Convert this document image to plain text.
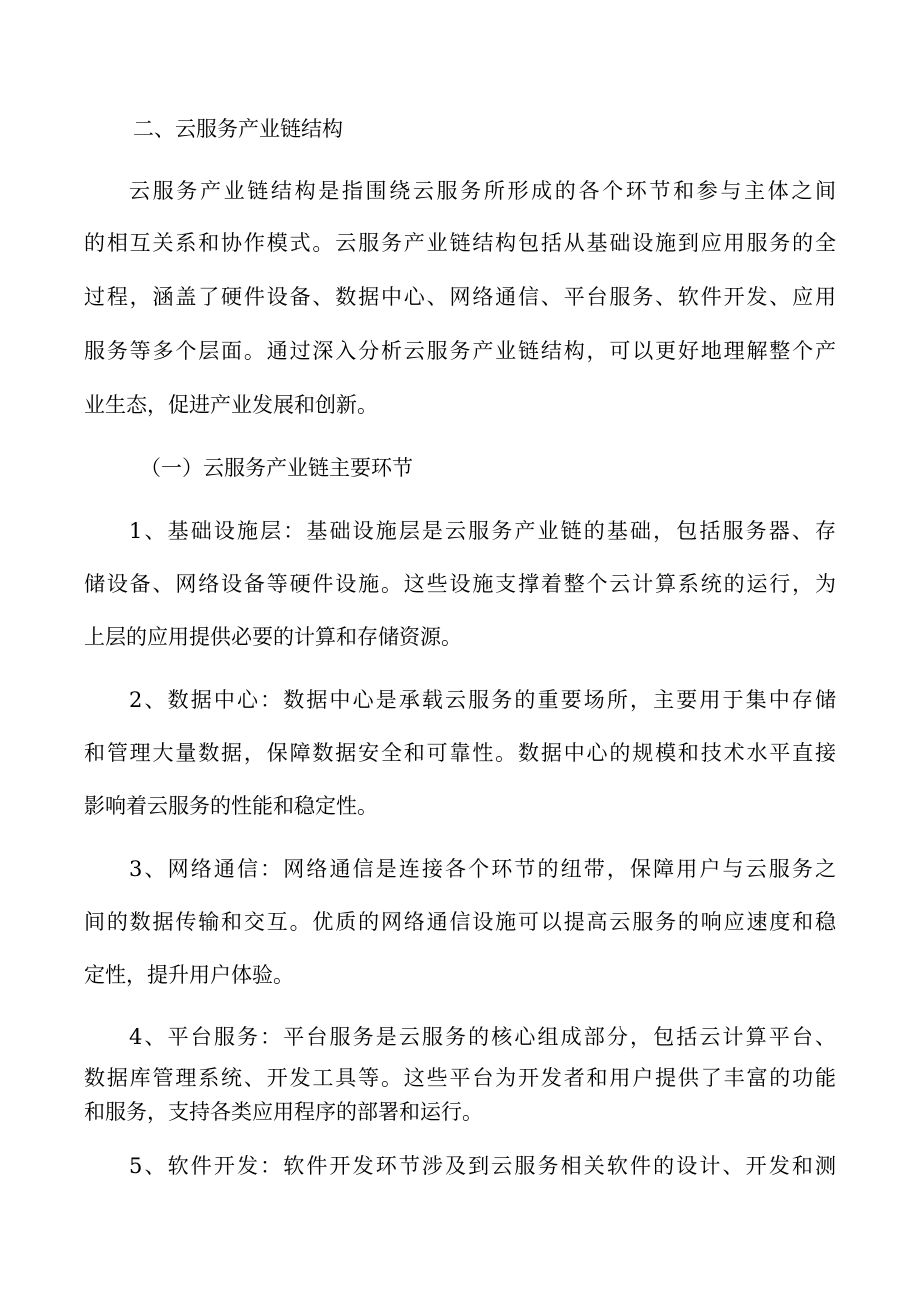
二、云服务产业链结构

云服务产业链结构是指围绕云服务所形成的各个环节和参与主体之间

的相互关系和协作模式。云服务产业链结构包括从基础设施到应用服务的全

过程，涵盖了硬件设备、数据中心、网络通信、平台服务、软件开发、应用

服务等多个层面。通过深入分析云服务产业链结构，可以更好地理解整个产

业生态，促进产业发展和创新。

（一）云服务产业链主要环节

1、基础设施层：基础设施层是云服务产业链的基础，包括服务器、存

储设备、网络设备等硬件设施。这些设施支撑着整个云计算系统的运行，为

上层的应用提供必要的计算和存储资源。

2、数据中心：数据中心是承载云服务的重要场所，主要用于集中存储

和管理大量数据，保障数据安全和可靠性。数据中心的规模和技术水平直接

影响着云服务的性能和稳定性。

3、网络通信：网络通信是连接各个环节的纽带，保障用户与云服务之

间的数据传输和交互。优质的网络通信设施可以提高云服务的响应速度和稳

定性，提升用户体验。

4、平台服务：平台服务是云服务的核心组成部分，包括云计算平台、

数据库管理系统、开发工具等。这些平台为开发者和用户提供了丰富的功能

和服务，支持各类应用程序的部署和运行。

5、软件开发：软件开发环节涉及到云服务相关软件的设计、开发和测
